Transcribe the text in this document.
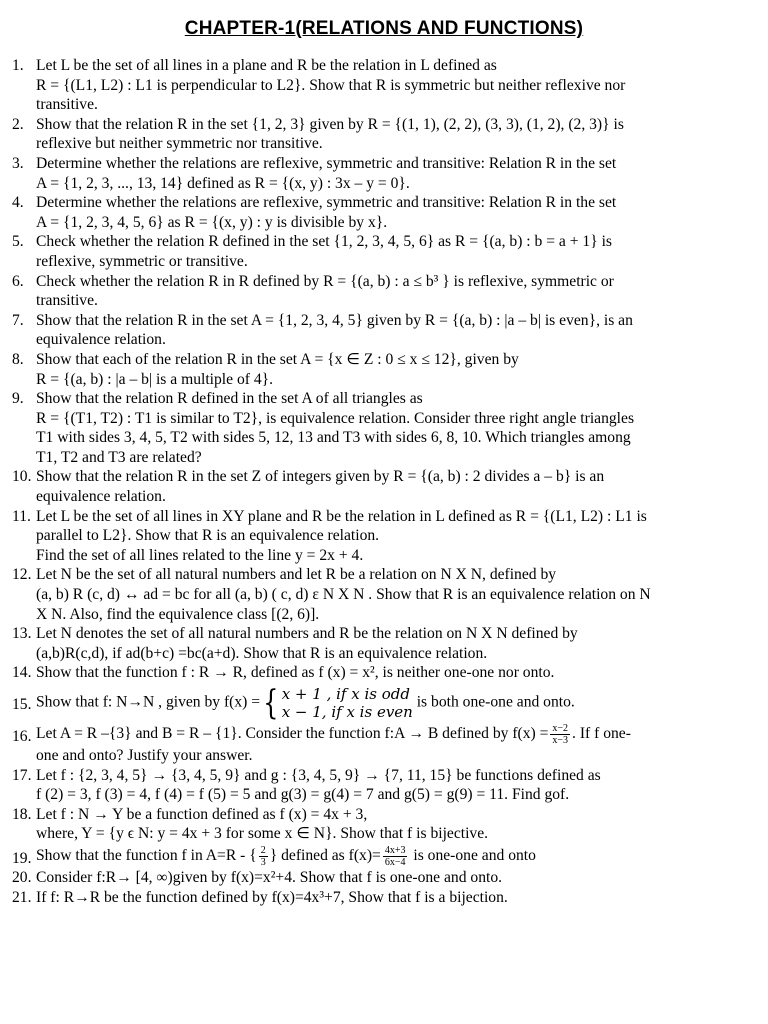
CHAPTER-1(RELATIONS AND FUNCTIONS)
1. Let L be the set of all lines in a plane and R be the relation in L defined as
R = {(L1, L2) : L1 is perpendicular to L2}. Show that R is symmetric but neither reflexive nor
transitive.
2. Show that the relation R in the set {1, 2, 3} given by R = {(1, 1), (2, 2), (3, 3), (1, 2), (2, 3)} is
reflexive but neither symmetric nor transitive.
3. Determine whether the relations are reflexive, symmetric and transitive: Relation R in the set
A = {1, 2, 3, ..., 13, 14} defined as R = {(x, y) : 3x – y = 0}.
4. Determine whether the relations are reflexive, symmetric and transitive: Relation R in the set
A = {1, 2, 3, 4, 5, 6} as R = {(x, y) : y is divisible by x}.
5. Check whether the relation R defined in the set {1, 2, 3, 4, 5, 6} as R = {(a, b) : b = a + 1} is
reflexive, symmetric or transitive.
6. Check whether the relation R in R defined by R = {(a, b) : a ≤ b³ } is reflexive, symmetric or
transitive.
7. Show that the relation R in the set A = {1, 2, 3, 4, 5} given by R = {(a, b) : |a – b| is even}, is an
equivalence relation.
8. Show that each of the relation R in the set A = {x ∈ Z : 0 ≤ x ≤ 12}, given by
R = {(a, b) : |a – b| is a multiple of 4}.
9. Show that the relation R defined in the set A of all triangles as
R = {(T1, T2) : T1 is similar to T2}, is equivalence relation. Consider three right angle triangles
T1 with sides 3, 4, 5, T2 with sides 5, 12, 13 and T3 with sides 6, 8, 10. Which triangles among
T1, T2 and T3 are related?
10. Show that the relation R in the set Z of integers given by R = {(a, b) : 2 divides a – b} is an
equivalence relation.
11. Let L be the set of all lines in XY plane and R be the relation in L defined as R = {(L1, L2) : L1 is
parallel to L2}. Show that R is an equivalence relation.
Find the set of all lines related to the line y = 2x + 4.
12. Let N be the set of all natural numbers and let R be a relation on N X N, defined by
(a, b) R (c, d) ↔ ad = bc for all (a, b) ( c, d) ε N X N . Show that R is an equivalence relation on N
X N. Also, find the equivalence class [(2, 6)].
13. Let N denotes the set of all natural numbers and R be the relation on N X N defined by
(a,b)R(c,d), if ad(b+c) =bc(a+d). Show that R is an equivalence relation.
14. Show that the function f : R → R, defined as f (x) = x², is neither one-one nor onto.
15. Show that f: N→N , given by f(x) ={ x + 1 , if x is odd
x − 1, if x is even
is both one-one and onto.
16. Let A = R –{3} and B = R – {1}. Consider the function f:A → B defined by $f(x) = \frac{x-2}{x-3}$ . If f one-
one and onto? Justify your answer.
17. Let f : {2, 3, 4, 5} → {3, 4, 5, 9} and g : {3, 4, 5, 9} → {7, 11, 15} be functions defined as
f (2) = 3, f (3) = 4, f (4) = f (5) = 5 and g(3) = g(4) = 7 and g(5) = g(9) = 11. Find gof.
18. Let f : N → Y be a function defined as f (x) = 4x + 3,
where, Y = {y ϵ N: y = 4x + 3 for some x ∈ N}. Show that f is bijective.
19. Show that the function f in A=R - { $\frac{2}{3}$ } defined as $f(x)= \frac{4x+3}{6x-4}$ is one-one and onto
20. Consider f:R→ [4, ∞)given by f(x)=x²+4. Show that f is one-one and onto.
21. If f: R→R be the function defined by f(x)=4x³+7, Show that f is a bijection.
